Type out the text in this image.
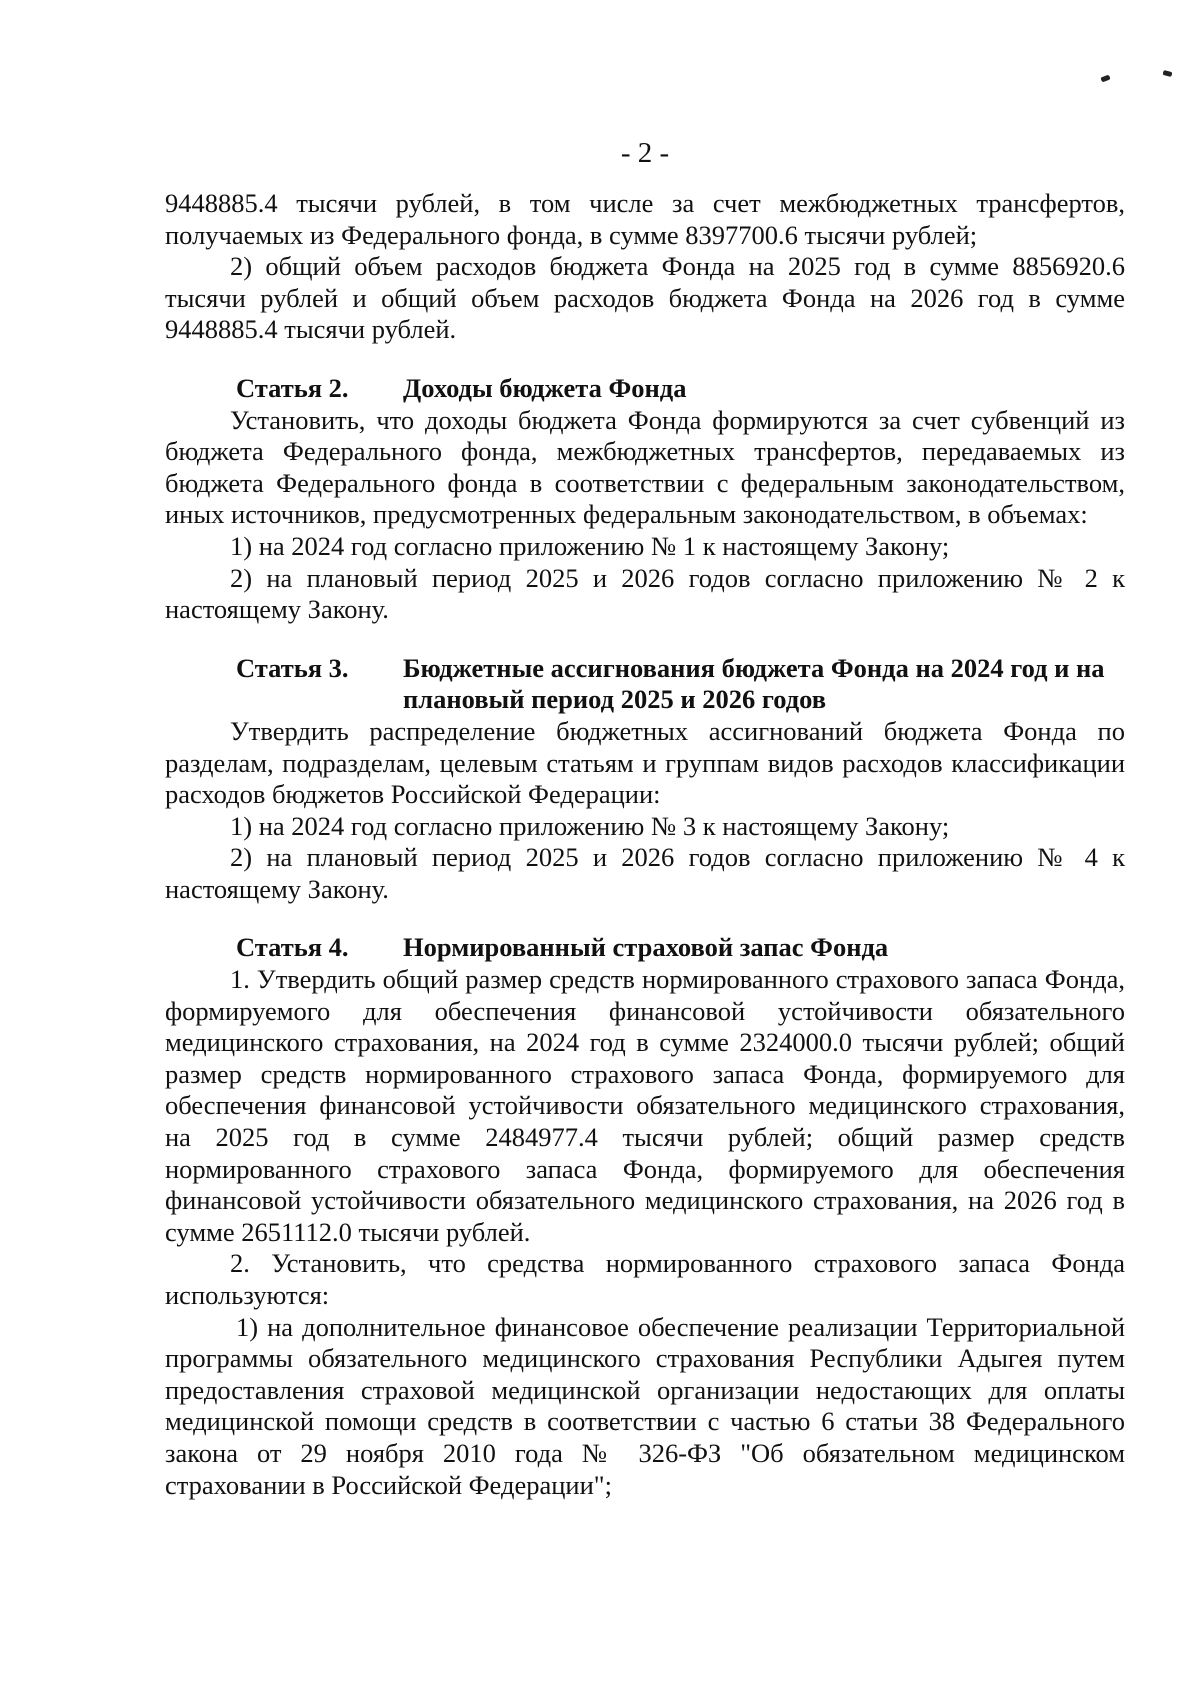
- 2 -

9448885.4 тысячи рублей, в том числе за счет межбюджетных трансфертов, получаемых из Федерального фонда, в сумме 8397700.6 тысячи рублей;

2) общий объем расходов бюджета Фонда на 2025 год в сумме 8856920.6 тысячи рублей и общий объем расходов бюджета Фонда на 2026 год в сумме 9448885.4 тысячи рублей.

Статья 2.	Доходы бюджета Фонда

Установить, что доходы бюджета Фонда формируются за счет субвенций из бюджета Федерального фонда, межбюджетных трансфертов, передаваемых из бюджета Федерального фонда в соответствии с федеральным законодательством, иных источников, предусмотренных федеральным законодательством, в объемах:

1) на 2024 год согласно приложению № 1 к настоящему Закону;

2) на плановый период 2025 и 2026 годов согласно приложению № 2 к настоящему Закону.

Статья 3.	Бюджетные ассигнования бюджета Фонда на 2024 год и на плановый период 2025 и 2026 годов

Утвердить распределение бюджетных ассигнований бюджета Фонда по разделам, подразделам, целевым статьям и группам видов расходов классификации расходов бюджетов Российской Федерации:

1) на 2024 год согласно приложению № 3 к настоящему Закону;

2) на плановый период 2025 и 2026 годов согласно приложению № 4 к настоящему Закону.

Статья 4.	Нормированный страховой запас Фонда

1. Утвердить общий размер средств нормированного страхового запаса Фонда, формируемого для обеспечения финансовой устойчивости обязательного медицинского страхования, на 2024 год в сумме 2324000.0 тысячи рублей; общий размер средств нормированного страхового запаса Фонда, формируемого для обеспечения финансовой устойчивости обязательного медицинского страхования, на 2025 год в сумме 2484977.4 тысячи рублей; общий размер средств нормированного страхового запаса Фонда, формируемого для обеспечения финансовой устойчивости обязательного медицинского страхования, на 2026 год в сумме 2651112.0 тысячи рублей.

2. Установить, что средства нормированного страхового запаса Фонда используются:

1) на дополнительное финансовое обеспечение реализации Территориальной программы обязательного медицинского страхования Республики Адыгея путем предоставления страховой медицинской организации недостающих для оплаты медицинской помощи средств в соответствии с частью 6 статьи 38 Федерального закона от 29 ноября 2010 года № 326-ФЗ "Об обязательном медицинском страховании в Российской Федерации";
